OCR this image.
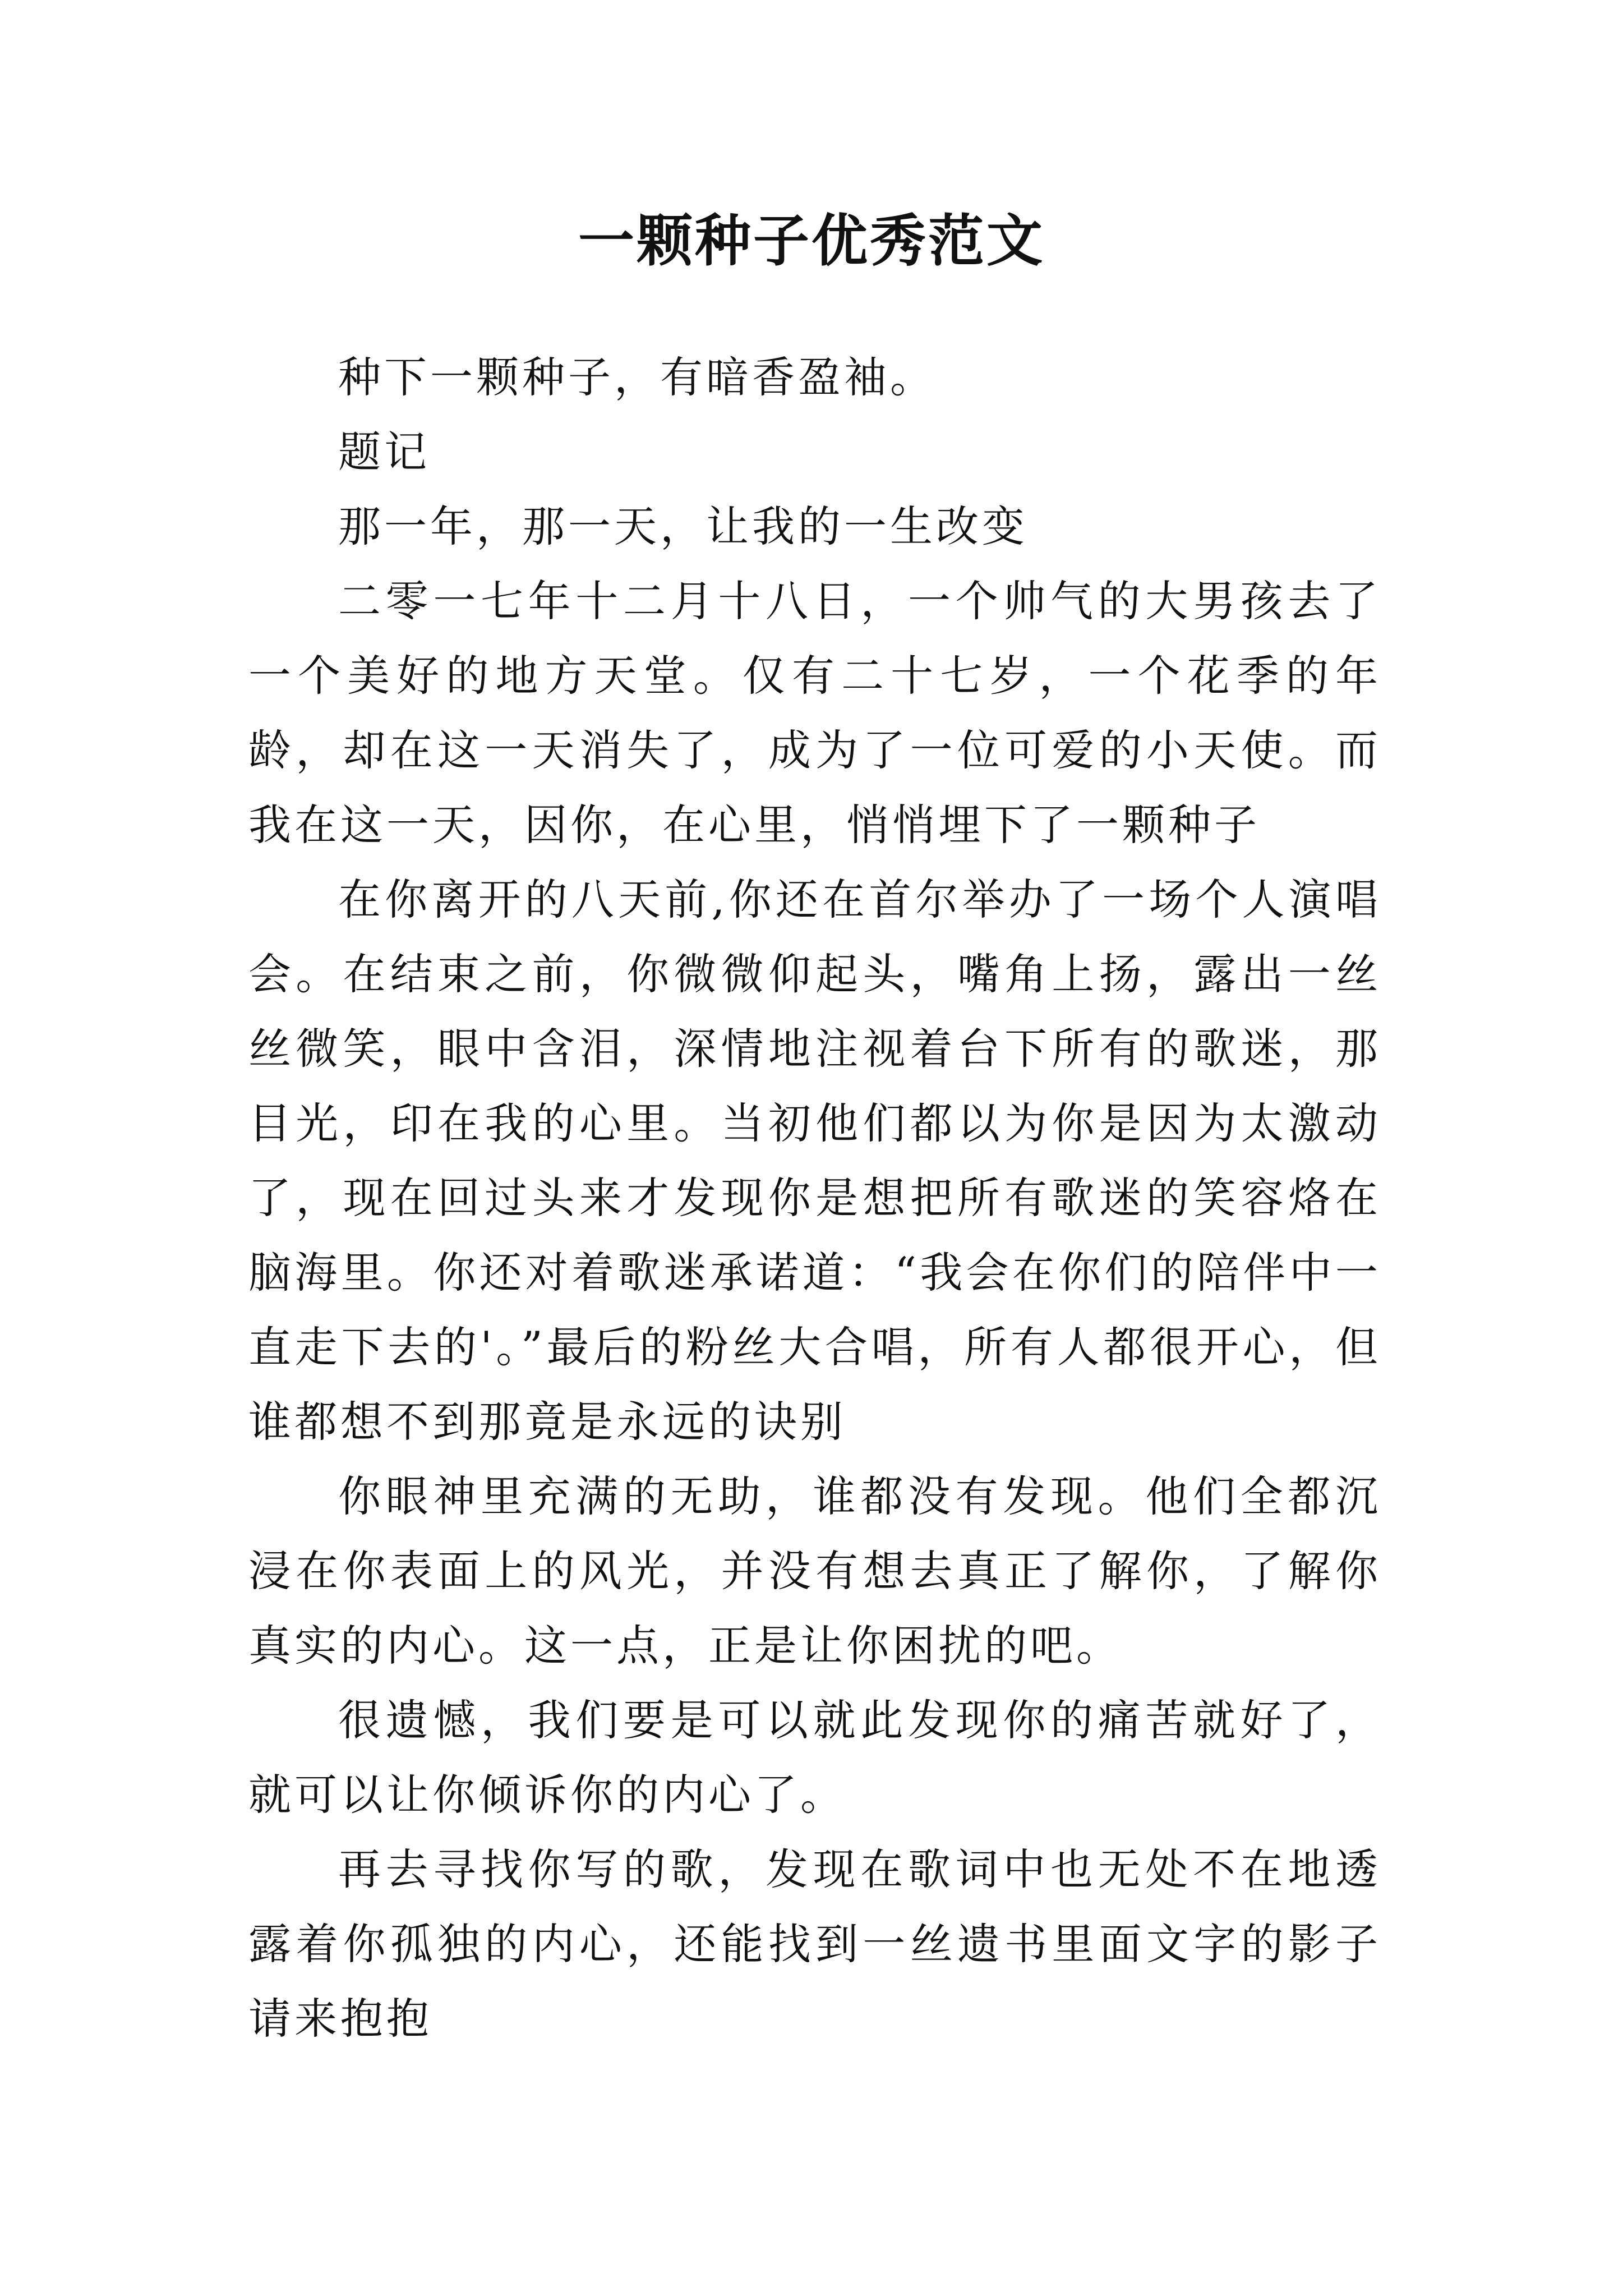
一颗种子优秀范文

种下一颗种子，有暗香盈袖。

题记

那一年，那一天，让我的一生改变

二零一七年十二月十八日，一个帅气的大男孩去了一个美好的地方天堂。仅有二十七岁，一个花季的年龄，却在这一天消失了，成为了一位可爱的小天使。而我在这一天，因你，在心里，悄悄埋下了一颗种子

在你离开的八天前,你还在首尔举办了一场个人演唱会。在结束之前，你微微仰起头，嘴角上扬，露出一丝丝微笑，眼中含泪，深情地注视着台下所有的歌迷，那目光，印在我的心里。当初他们都以为你是因为太激动了，现在回过头来才发现你是想把所有歌迷的笑容烙在脑海里。你还对着歌迷承诺道：“我会在你们的陪伴中一直走下去的'。”最后的粉丝大合唱，所有人都很开心，但谁都想不到那竟是永远的诀别

你眼神里充满的无助，谁都没有发现。他们全都沉浸在你表面上的风光，并没有想去真正了解你，了解你真实的内心。这一点，正是让你困扰的吧。

很遗憾，我们要是可以就此发现你的痛苦就好了，就可以让你倾诉你的内心了。

再去寻找你写的歌，发现在歌词中也无处不在地透露着你孤独的内心，还能找到一丝遗书里面文字的影子请来抱抱
